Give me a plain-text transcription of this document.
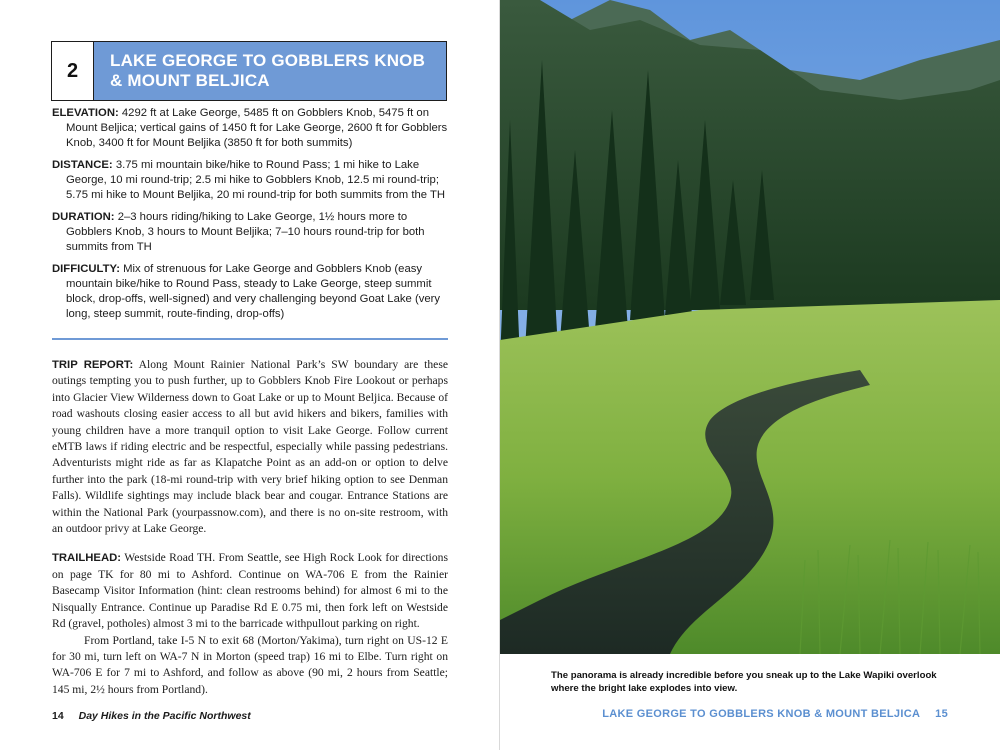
2	LAKE GEORGE TO GOBBLERS KNOB
& MOUNT BELJICA
ELEVATION: 4292 ft at Lake George, 5485 ft on Gobblers Knob, 5475 ft on Mount Beljica; vertical gains of 1450 ft for Lake George, 2600 ft for Gobblers Knob, 3400 ft for Mount Beljika (3850 ft for both summits)
DISTANCE: 3.75 mi mountain bike/hike to Round Pass; 1 mi hike to Lake George, 10 mi round-trip; 2.5 mi hike to Gobblers Knob, 12.5 mi round-trip; 5.75 mi hike to Mount Beljika, 20 mi round-trip for both summits from the TH
DURATION: 2–3 hours riding/hiking to Lake George, 1½ hours more to Gobblers Knob, 3 hours to Mount Beljika; 7–10 hours round-trip for both summits from TH
DIFFICULTY: Mix of strenuous for Lake George and Gobblers Knob (easy mountain bike/hike to Round Pass, steady to Lake George, steep summit block, drop-offs, well-signed) and very challenging beyond Goat Lake (very long, steep summit, route-finding, drop-offs)

TRIP REPORT: Along Mount Rainier National Park’s SW boundary are these outings tempting you to push further, up to Gobblers Knob Fire Lookout or perhaps into Glacier View Wilderness down to Goat Lake or up to Mount Beljica. Because of road washouts closing easier access to all but avid hikers and bikers, families with young children have a more tranquil option to visit Lake George. Follow current eMTB laws if riding electric and be respectful, especially while passing pedestrians. Adventurists might ride as far as Klapatche Point as an add-on or option to delve further into the park (18-mi round-trip with very brief hiking option to see Denman Falls). Wildlife sightings may include black bear and cougar. Entrance Stations are within the National Park (yourpassnow.com), and there is no on-site restroom, with an outdoor privy at Lake George.

TRAILHEAD: Westside Road TH. From Seattle, see High Rock Look for directions on page TK for 80 mi to Ashford. Continue on WA-706 E from the Rainier Basecamp Visitor Information (hint: clean restrooms behind) for almost 6 mi to the Nisqually Entrance. Continue up Paradise Rd E 0.75 mi, then fork left on Westside Rd (gravel, potholes) almost 3 mi to the barricade withpullout parking on right.

From Portland, take I-5 N to exit 68 (Morton/Yakima), turn right on US-12 E for 30 mi, turn left on WA-7 N in Morton (speed trap) 16 mi to Elbe. Turn right on WA-706 E for 7 mi to Ashford, and follow as above (90 mi, 2 hours from Seattle; 145 mi, 2½ hours from Portland).

14 Day Hikes in the Pacific Northwest
The panorama is already incredible before you sneak up to the Lake Wapiki overlook where the bright lake explodes into view.
LAKE GEORGE TO GOBBLERS KNOB & MOUNT BELJICA 15
